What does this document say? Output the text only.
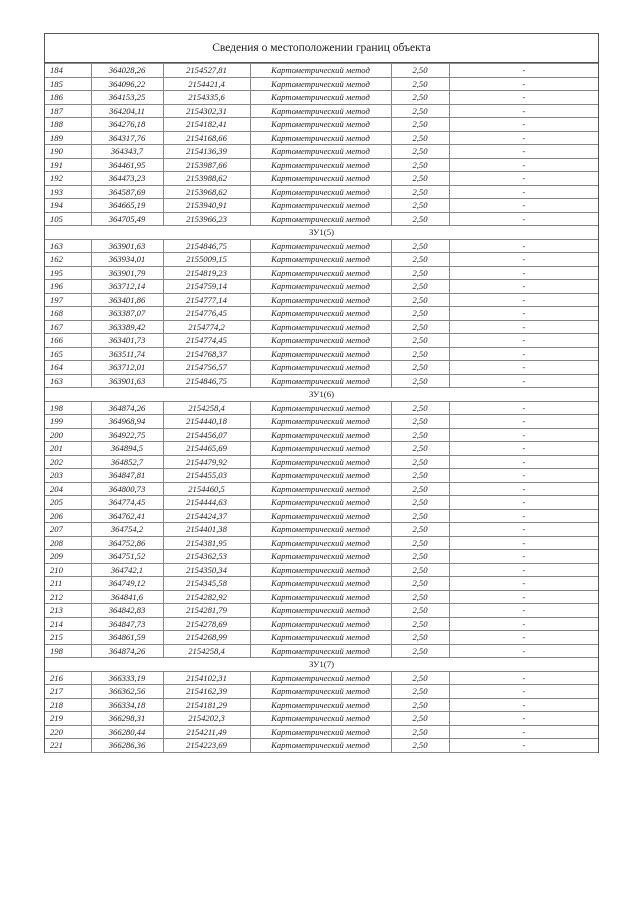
Сведения о местоположении границ объекта
184	364028,26	2154527,81	Картометрический метод	2,50	-
185	364096,22	2154421,4	Картометрический метод	2,50	-
186	364153,25	2154335,6	Картометрический метод	2,50	-
187	364204,11	2154302,31	Картометрический метод	2,50	-
188	364276,18	2154182,41	Картометрический метод	2,50	-
189	364317,76	2154168,66	Картометрический метод	2,50	-
190	364343,7	2154136,39	Картометрический метод	2,50	-
191	364461,95	2153987,66	Картометрический метод	2,50	-
192	364473,23	2153988,62	Картометрический метод	2,50	-
193	364587,69	2153968,62	Картометрический метод	2,50	-
194	364665,19	2153940,91	Картометрический метод	2,50	-
105	364705,49	2153966,23	Картометрический метод	2,50	-
ЗУ1(5)					
163	363901,63	2154846,75	Картометрический метод	2,50	-
162	363934,01	2155009,15	Картометрический метод	2,50	-
195	363901,79	2154819,23	Картометрический метод	2,50	-
196	363712,14	2154759,14	Картометрический метод	2,50	-
197	363401,86	2154777,14	Картометрический метод	2,50	-
168	363387,07	2154776,45	Картометрический метод	2,50	-
167	363389,42	2154774,2	Картометрический метод	2,50	-
166	363401,73	2154774,45	Картометрический метод	2,50	-
165	363511,74	2154768,37	Картометрический метод	2,50	-
164	363712,01	2154756,57	Картометрический метод	2,50	-
163	363901,63	2154846,75	Картометрический метод	2,50	-
ЗУ1(6)					
198	364874,26	2154258,4	Картометрический метод	2,50	-
199	364968,94	2154440,18	Картометрический метод	2,50	-
200	364922,75	2154456,07	Картометрический метод	2,50	-
201	364894,5	2154465,69	Картометрический метод	2,50	-
202	364852,7	2154479,92	Картометрический метод	2,50	-
203	364847,81	2154455,03	Картометрический метод	2,50	-
204	364800,73	2154460,5	Картометрический метод	2,50	-
205	364774,45	2154444,63	Картометрический метод	2,50	-
206	364762,41	2154424,37	Картометрический метод	2,50	-
207	364754,2	2154401,38	Картометрический метод	2,50	-
208	364752,86	2154381,95	Картометрический метод	2,50	-
209	364751,52	2154362,53	Картометрический метод	2,50	-
210	364742,1	2154350,34	Картометрический метод	2,50	-
211	364749,12	2154345,58	Картометрический метод	2,50	-
212	364841,6	2154282,92	Картометрический метод	2,50	-
213	364842,83	2154281,79	Картометрический метод	2,50	-
214	364847,73	2154278,69	Картометрический метод	2,50	-
215	364861,59	2154268,99	Картометрический метод	2,50	-
198	364874,26	2154258,4	Картометрический метод	2,50	-
ЗУ1(7)					
216	366333,19	2154102,31	Картометрический метод	2,50	-
217	366362,56	2154162,39	Картометрический метод	2,50	-
218	366334,18	2154181,29	Картометрический метод	2,50	-
219	366298,31	2154202,3	Картометрический метод	2,50	-
220	366280,44	2154211,49	Картометрический метод	2,50	-
221	366286,36	2154223,69	Картометрический метод	2,50	-
